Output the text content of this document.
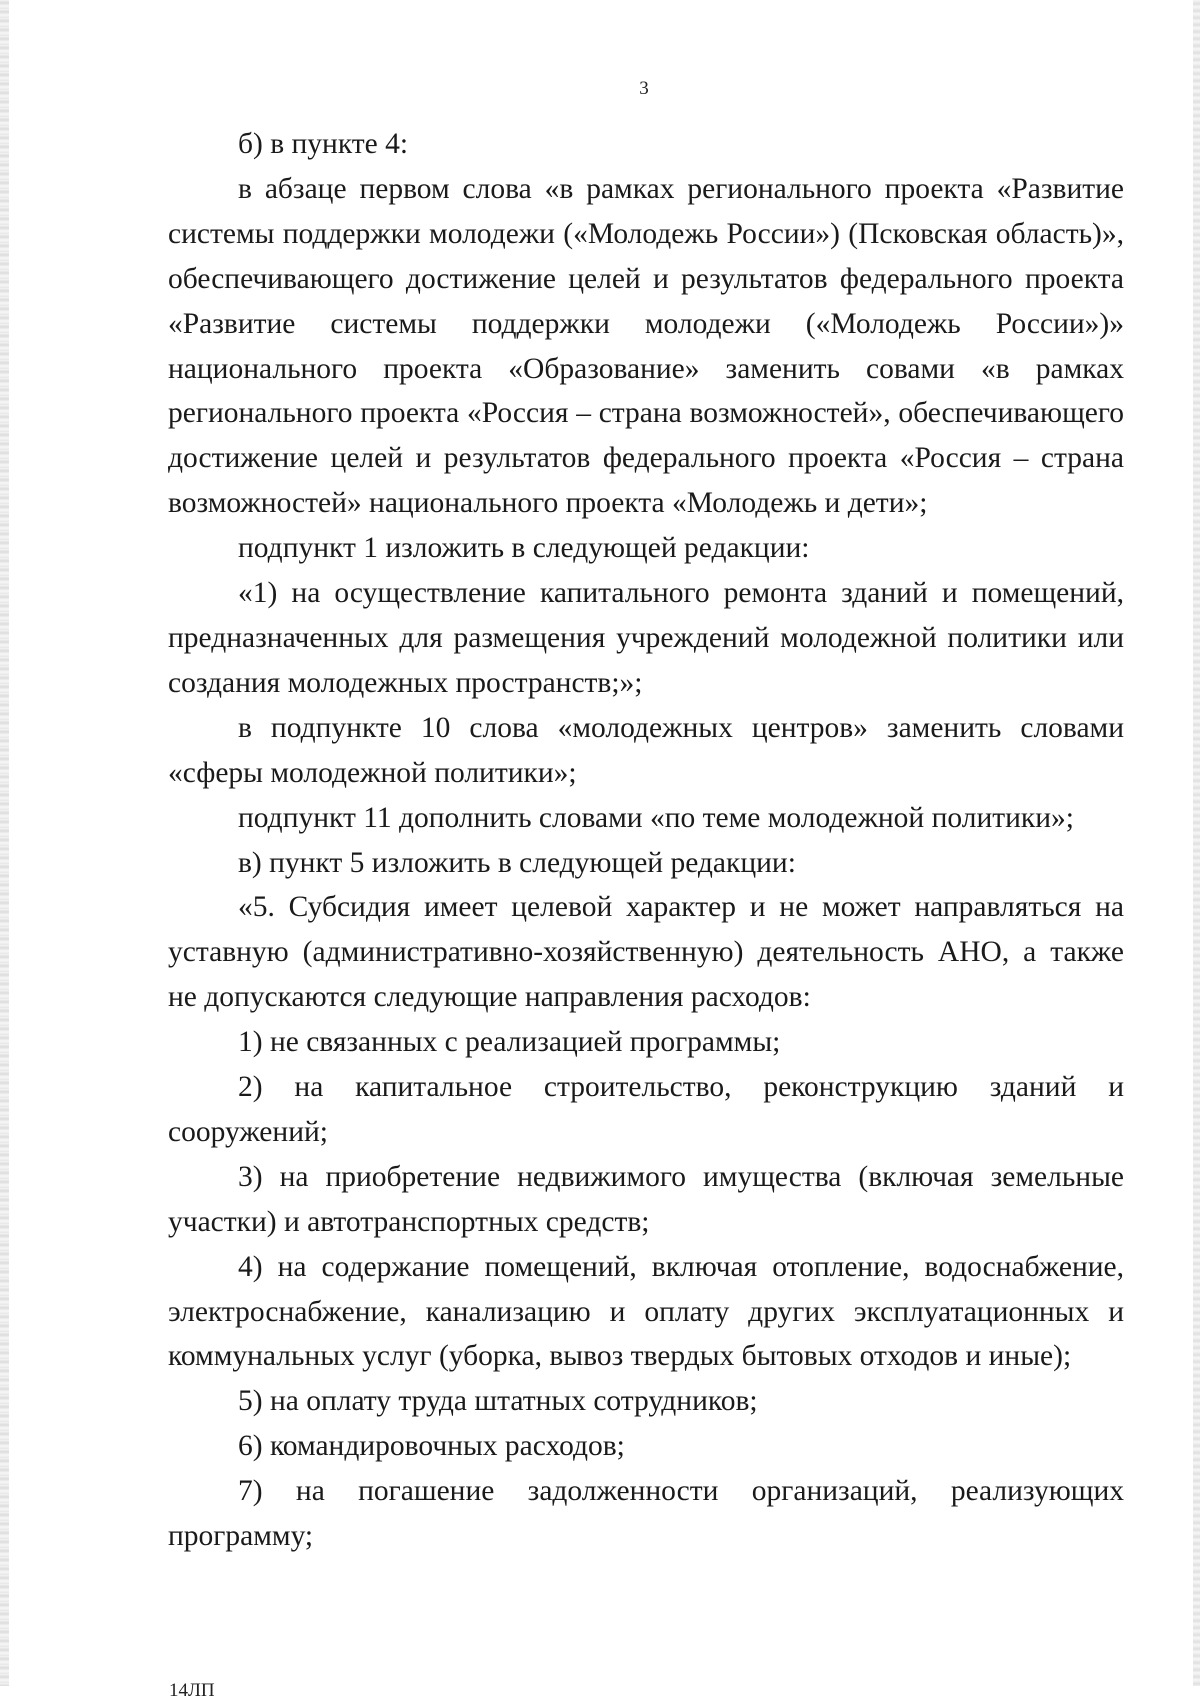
3

б) в пункте 4:

в абзаце первом слова «в рамках регионального проекта «Развитие системы поддержки молодежи («Молодежь России») (Псковская область)», обеспечивающего достижение целей и результатов федерального проекта «Развитие системы поддержки молодежи («Молодежь России»)» национального проекта «Образование» заменить совами «в рамках регионального проекта «Россия – страна возможностей», обеспечивающего достижение целей и результатов федерального проекта «Россия – страна возможностей» национального проекта «Молодежь и дети»;

подпункт 1 изложить в следующей редакции:

«1) на осуществление капитального ремонта зданий и помещений, предназначенных для размещения учреждений молодежной политики или создания молодежных пространств;»;

в подпункте 10 слова «молодежных центров» заменить словами «сферы молодежной политики»;

подпункт 11 дополнить словами «по теме молодежной политики»;

в) пункт 5 изложить в следующей редакции:

«5. Субсидия имеет целевой характер и не может направляться на уставную (административно-хозяйственную) деятельность АНО, а также не допускаются следующие направления расходов:

1) не связанных с реализацией программы;

2) на капитальное строительство, реконструкцию зданий и сооружений;

3) на приобретение недвижимого имущества (включая земельные участки) и автотранспортных средств;

4) на содержание помещений, включая отопление, водоснабжение, электроснабжение, канализацию и оплату других эксплуатационных и коммунальных услуг (уборка, вывоз твердых бытовых отходов и иные);

5) на оплату труда штатных сотрудников;

6) командировочных расходов;

7) на погашение задолженности организаций, реализующих программу;

14ЛП
